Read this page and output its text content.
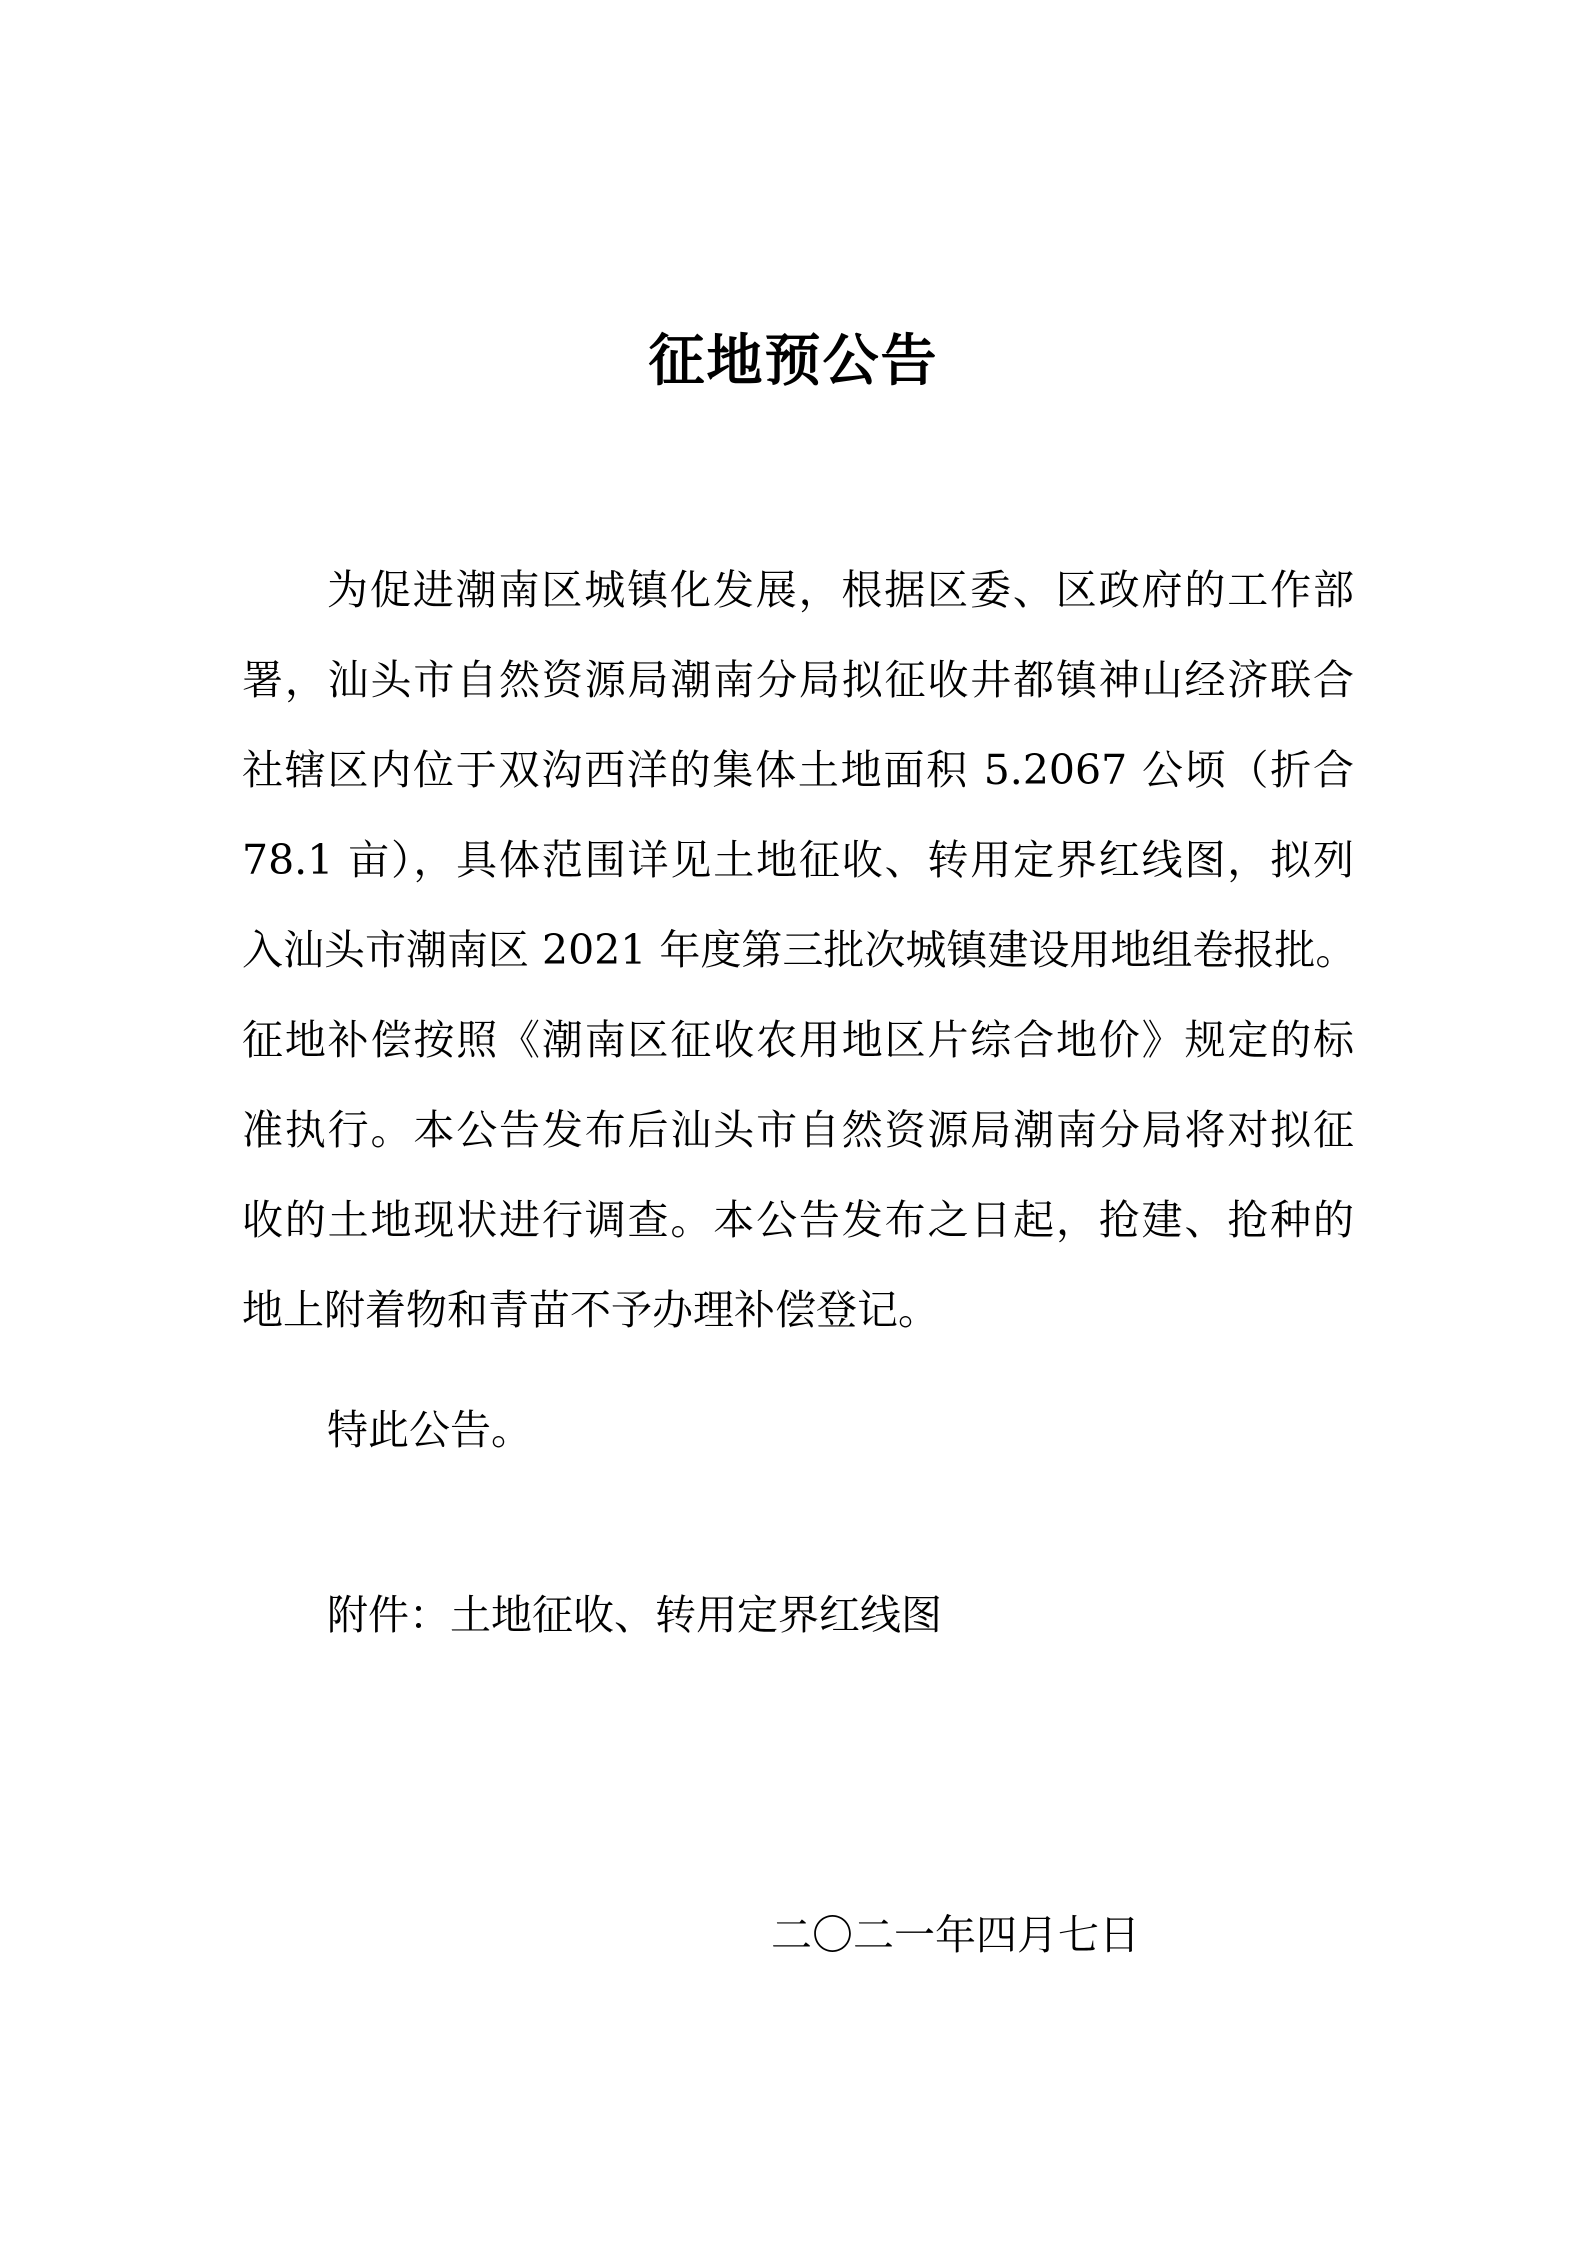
征地预公告
为促进潮南区城镇化发展，根据区委、区政府的工作部
署，汕头市自然资源局潮南分局拟征收井都镇神山经济联合
社辖区内位于双沟西洋的集体土地面积 5.2067 公顷（折合
78.1 亩），具体范围详见土地征收、转用定界红线图，拟列
入汕头市潮南区 2021 年度第三批次城镇建设用地组卷报批。
征地补偿按照《潮南区征收农用地区片综合地价》规定的标
准执行。本公告发布后汕头市自然资源局潮南分局将对拟征
收的土地现状进行调查。本公告发布之日起，抢建、抢种的
地上附着物和青苗不予办理补偿登记。
特此公告。
附件：土地征收、转用定界红线图
二〇二一年四月七日
